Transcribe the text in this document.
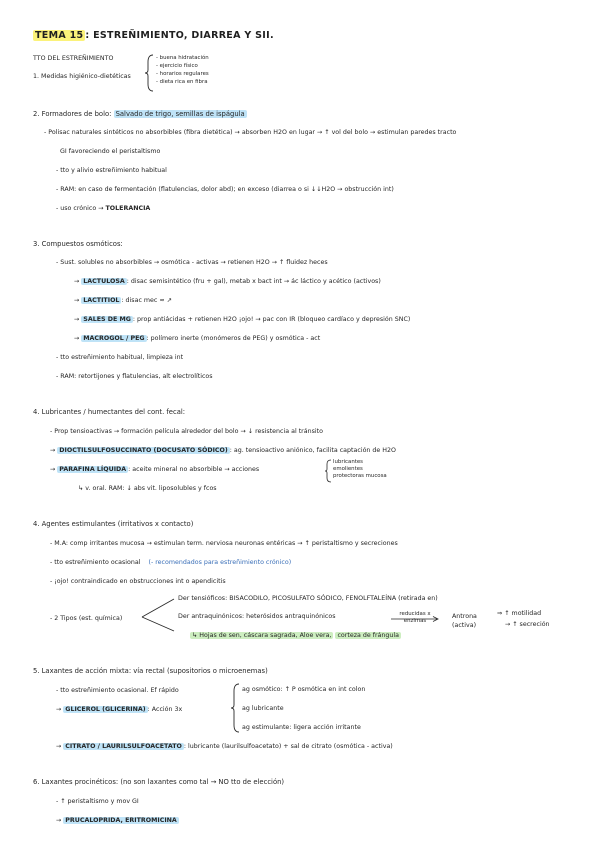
TEMA 15 : ESTREÑIMIENTO, DIARREA Y SII.
TTO DEL ESTREÑIMIENTO
1. Medidas higiénico-dietéticas
- buena hidratación
- ejercicio físico
- horarios regulares
- dieta rica en fibra
2. Formadores de bolo: Salvado de trigo, semillas de ispágula
- Polisac naturales sintéticos no absorbibles (fibra dietética) → absorben H2O en lugar → ↑ vol del bolo → estimulan paredes tracto
GI favoreciendo el peristaltismo
- tto y alivio estreñimiento habitual
- RAM: en caso de fermentación (flatulencias, dolor abd); en exceso (diarrea o si ↓↓H2O → obstrucción int)
- uso crónico → TOLERANCIA
3. Compuestos osmóticos:
- Sust. solubles no absorbibles → osmótica - activas → retienen H2O → ↑ fluidez heces
→ LACTULOSA : disac semisintético (fru + gal), metab x bact int → ác láctico y acético (activos)
→ LACTITIOL : disac mec ≈ ↗
→ SALES DE MG : prop antiácidas + retienen H2O ¡ojo! → pac con IR (bloqueo cardíaco y depresión SNC)
→ MACROGOL / PEG : polímero inerte (monómeros de PEG) y osmótica - act
- tto estreñimiento habitual, limpieza int
- RAM: retortijones y flatulencias, alt electrolíticos
4. Lubricantes / humectantes del cont. fecal:
- Prop tensioactivas → formación película alrededor del bolo → ↓ resistencia al tránsito
→ DIOCTILSULFOSUCCINATO (DOCUSATO SÓDICO) : ag. tensioactivo aniónico, facilita captación de H2O
→ PARAFINA LÍQUIDA : aceite mineral no absorbible → acciones
lubricantes
emolientes
protectoras mucosa
↳ v. oral. RAM: ↓ abs vit. liposolubles y fcos
4. Agentes estimulantes (irritativos x contacto)
- M.A: comp irritantes mucosa → estimulan term. nerviosa neuronas entéricas → ↑ peristaltismo y secreciones
- tto estreñimiento ocasional (- recomendados para estreñimiento crónico)
- ¡ojo! contraindicado en obstrucciones int o apendicitis
- 2 Tipos (est. química)
Der tensióficos: BISACODILO, PICOSULFATO SÓDICO, FENOLFTALEÍNA (retirada en)
Der antraquinónicos: heterósidos antraquinónicos	reducidas x enzimas
Antrona (activa)
⇒ ↑ motilidad
→ ↑ secreción
↳ Hojas de sen, cáscara sagrada, Aloe vera, corteza de frángula
5. Laxantes de acción mixta: vía rectal (supositorios o microenemas)
- tto estreñimiento ocasional. Ef rápido
→ GLICEROL (GLICERINA) : Acción 3x
ag osmótico: ↑ P osmótica en int colon
ag lubricante
ag estimulante: ligera acción irritante
→ CITRATO / LAURILSULFOACETATO : lubricante (laurilsulfoacetato) + sal de citrato (osmótica - activa)
6. Laxantes procinéticos: (no son laxantes como tal → NO tto de elección)
- ↑ peristaltismo y mov GI
→ PRUCALOPRIDA, ERITROMICINA
